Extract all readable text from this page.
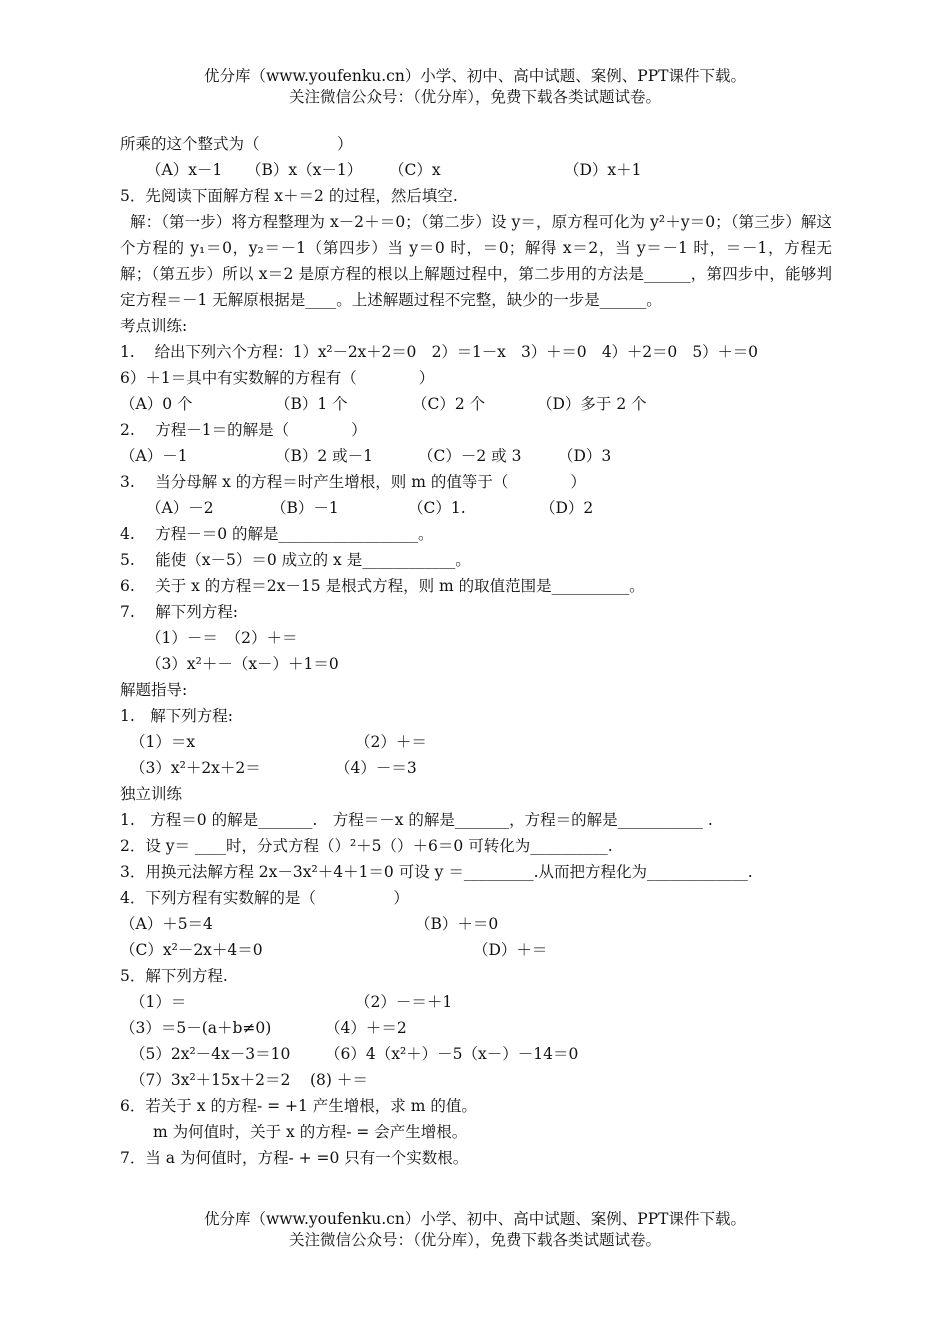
优分库（www.youfenku.cn）小学、初中、高中试题、案例、PPT课件下载。
关注微信公众号：（优分库），免费下载各类试题试卷。
所乘的这个整式为（　　　　　）
（A）x－1 （B）x（x－1） （C）x	（D）x＋1
5．先阅读下面解方程 x＋＝2 的过程，然后填空.
解：（第一步）将方程整理为 x－2＋＝0；（第二步）设 y＝，原方程可化为 y²＋y＝0；（第三步）解这个方程的 y₁＝0，y₂＝－1（第四步）当 y＝0 时，＝0；解得 x＝2，当 y＝－1 时，＝－1，方程无解；（第五步）所以 x＝2 是原方程的根以上解题过程中，第二步用的方法是______，第四步中，能够判定方程＝－1 无解原根据是____。上述解题过程不完整，缺少的一步是______。
考点训练:
1.　 给出下列六个方程：1）x²－2x＋2＝0　2）＝1－x　3）＋＝0　4）＋2＝0　5）＋＝0
6）＋1＝具中有实数解的方程有（　　　　）
（A）0 个	（B）1 个	（C）2 个	（D）多于 2 个
2.　 方程－1＝的解是（　　　　）
（A）－1	（B）2 或－1	（C）－2 或 3 （D）3
3.　 当分母解 x 的方程＝时产生增根，则 m 的值等于（　　　　）
（A）－2	（B）－1	（C）1.	（D）2
4.　 方程－＝0 的解是__________________。
5.　 能使（x－5）＝0 成立的 x 是____________。
6.　 关于 x 的方程＝2x－15 是根式方程，则 m 的取值范围是__________。
7.　 解下列方程:
（1）－＝　（2）＋＝
（3）x²＋－（x－）＋1＝0
解题指导:
1.　解下列方程:
（1）＝x	（2）＋＝
（3）x²＋2x＋2＝	（4）－＝3
独立训练
1.　方程＝0 的解是_______.　方程＝－x 的解是_______，方程＝的解是___________ .
2．设 y＝ ____时，分式方程（）²＋5（）＋6＝0 可转化为__________.
3．用换元法解方程 2x－3x²＋4＋1＝0 可设 y ＝_________.从而把方程化为_____________.
4．下列方程有实数解的是（　　　　　）
（A）＋5＝4	（B）＋＝0
（C）x²－2x＋4＝0	（D）＋＝
5．解下列方程.
（1）＝	（2）－＝＋1
（3）＝5－(a＋b≠0)	（4）＋＝2
（5）2x²－4x－3＝10 （6）4（x²＋）－5（x－）－14＝0
（7）3x²＋15x＋2＝2 (8) ＋＝
6．若关于 x 的方程- = +1 产生增根，求 m 的值。
m 为何值时，关于 x 的方程- = 会产生增根。
7．当 a 为何值时，方程- + =0 只有一个实数根。
优分库（www.youfenku.cn）小学、初中、高中试题、案例、PPT课件下载。
关注微信公众号：（优分库），免费下载各类试题试卷。
